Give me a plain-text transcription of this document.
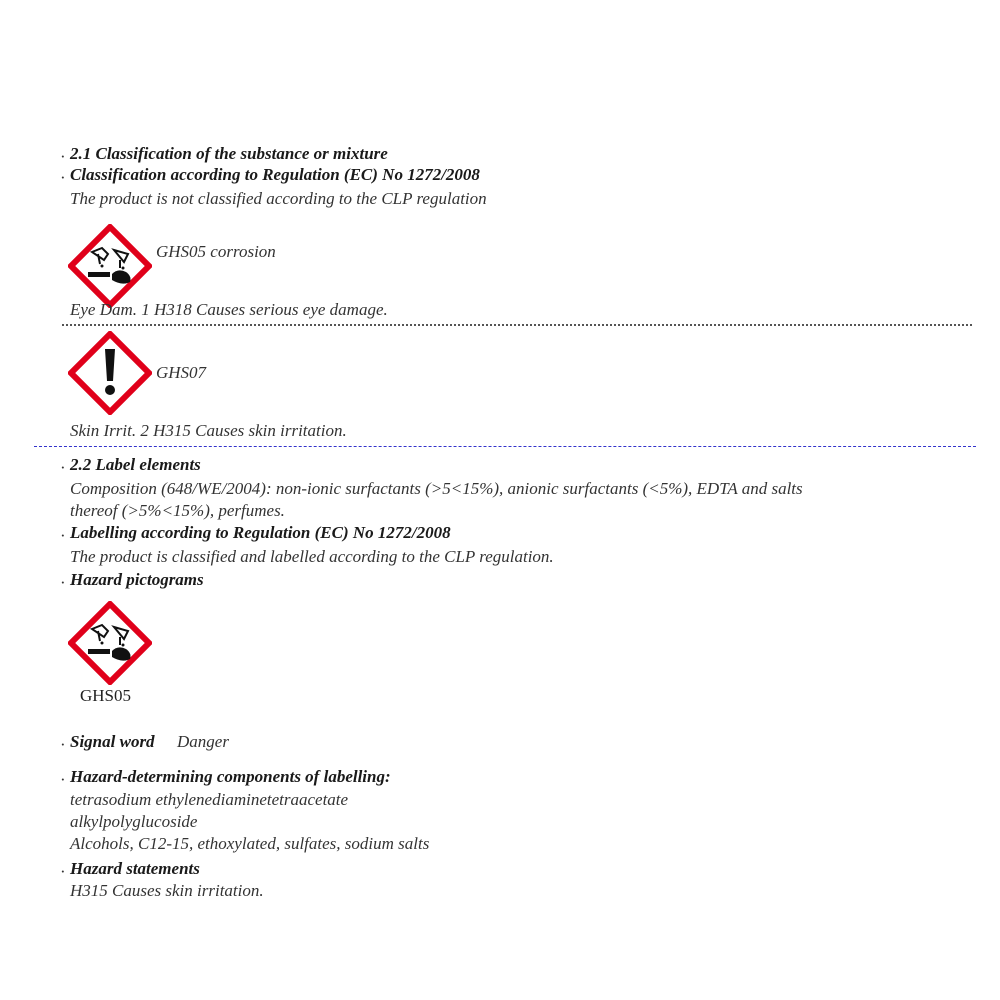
· 2.1 Classification of the substance or mixture
· Classification according to Regulation (EC) No 1272/2008
The product is not classified according to the CLP regulation
GHS05 corrosion
Eye Dam. 1 H318 Causes serious eye damage.
GHS07
Skin Irrit. 2 H315 Causes skin irritation.
· 2.2 Label elements
Composition (648/WE/2004): non-ionic surfactants (>5<15%), anionic surfactants (<5%), EDTA and salts
thereof (>5%<15%), perfumes.
· Labelling according to Regulation (EC) No 1272/2008
The product is classified and labelled according to the CLP regulation.
· Hazard pictograms
GHS05
· Signal word Danger
· Hazard-determining components of labelling:
tetrasodium ethylenediaminetetraacetate
alkylpolyglucoside
Alcohols, C12-15, ethoxylated, sulfates, sodium salts
· Hazard statements
H315 Causes skin irritation.
